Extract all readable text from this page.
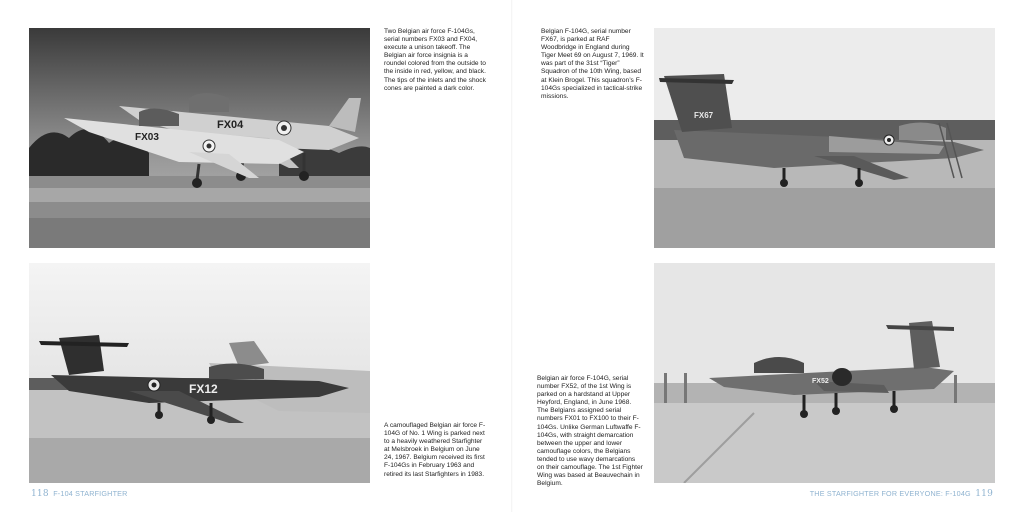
FX04
FX03

Two Belgian air force F-104Gs, serial numbers FX03 and FX04, execute a unison takeoff. The Belgian air force insignia is a roundel colored from the outside to the inside in red, yellow, and black. The tips of the inlets and the shock cones are painted a dark color.

FX12

A camouflaged Belgian air force F-104G of No. 1 Wing is parked next to a heavily weathered Starfighter at Melsbroek in Belgium on June 24, 1967. Belgium received its first F-104Gs in February 1963 and retired its last Starfighters in 1983.

118 F-104 STARFIGHTER

Belgian F-104G, serial number FX67, is parked at RAF Woodbridge in England during Tiger Meet 69 on August 7, 1969. It was part of the 31st “Tiger” Squadron of the 10th Wing, based at Klein Brogel. This squadron’s F-104Gs specialized in tactical-strike missions.

FX67
FX52

Belgian air force F-104G, serial number FX52, of the 1st Wing is parked on a hardstand at Upper Heyford, England, in June 1968. The Belgians assigned serial numbers FX01 to FX100 to their F-104Gs. Unlike German Luftwaffe F-104Gs, with straight demarcation between the upper and lower camouflage colors, the Belgians tended to use wavy demarcations on their camouflage. The 1st Fighter Wing was based at Beauvechain in Belgium.

THE STARFIGHTER FOR EVERYONE: F-104G 119
